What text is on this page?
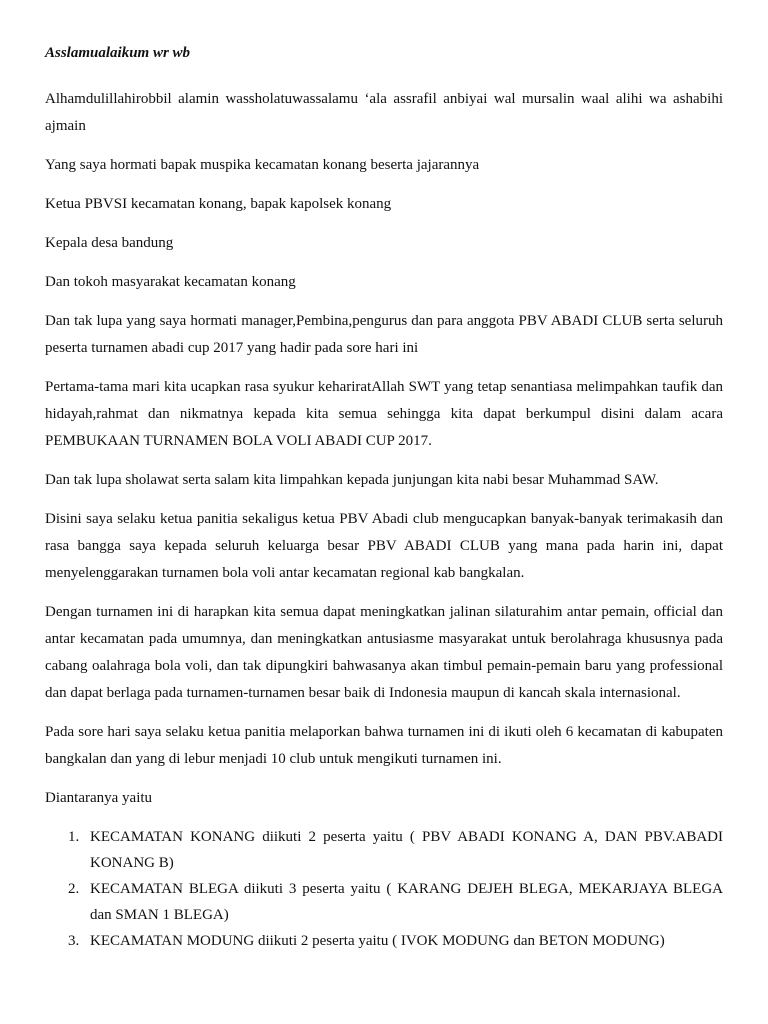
Asslamualaikum wr wb

Alhamdulillahirobbil alamin wassholatuwassalamu ‘ala assrafil anbiyai wal mursalin waal alihi wa ashabihi ajmain

Yang saya hormati bapak muspika kecamatan konang beserta jajarannya

Ketua PBVSI kecamatan konang, bapak kapolsek konang

Kepala desa bandung

Dan tokoh masyarakat kecamatan konang

Dan tak lupa yang saya hormati manager,Pembina,pengurus dan para anggota PBV ABADI CLUB serta seluruh peserta turnamen abadi cup 2017 yang hadir pada sore hari ini

Pertama-tama mari kita ucapkan rasa syukur kehariratAllah SWT yang tetap senantiasa melimpahkan taufik dan hidayah,rahmat dan nikmatnya kepada kita semua sehingga kita dapat berkumpul disini dalam acara PEMBUKAAN TURNAMEN BOLA VOLI ABADI CUP 2017.

Dan tak lupa sholawat serta salam kita limpahkan kepada junjungan kita nabi besar Muhammad SAW.

Disini saya selaku ketua panitia sekaligus ketua PBV Abadi club mengucapkan banyak-banyak terimakasih dan rasa bangga saya kepada seluruh keluarga besar PBV ABADI CLUB yang mana pada harin ini, dapat menyelenggarakan turnamen bola voli antar kecamatan regional kab bangkalan.

Dengan turnamen ini di harapkan kita semua dapat meningkatkan jalinan silaturahim antar pemain, official dan antar kecamatan pada umumnya, dan meningkatkan antusiasme masyarakat untuk berolahraga khususnya pada cabang oalahraga bola voli, dan tak dipungkiri bahwasanya akan timbul pemain-pemain baru yang professional dan dapat berlaga pada turnamen-turnamen besar baik di Indonesia maupun di kancah skala internasional.

Pada sore hari saya selaku ketua panitia melaporkan bahwa turnamen ini di ikuti oleh 6 kecamatan di kabupaten bangkalan dan yang di lebur menjadi 10 club untuk mengikuti turnamen ini.

Diantaranya yaitu

1. KECAMATAN KONANG diikuti 2 peserta yaitu ( PBV ABADI KONANG A, DAN PBV.ABADI KONANG B)
2. KECAMATAN BLEGA diikuti 3 peserta yaitu ( KARANG DEJEH BLEGA, MEKARJAYA BLEGA dan SMAN 1 BLEGA)
3. KECAMATAN MODUNG diikuti 2 peserta yaitu ( IVOK MODUNG dan BETON MODUNG)
